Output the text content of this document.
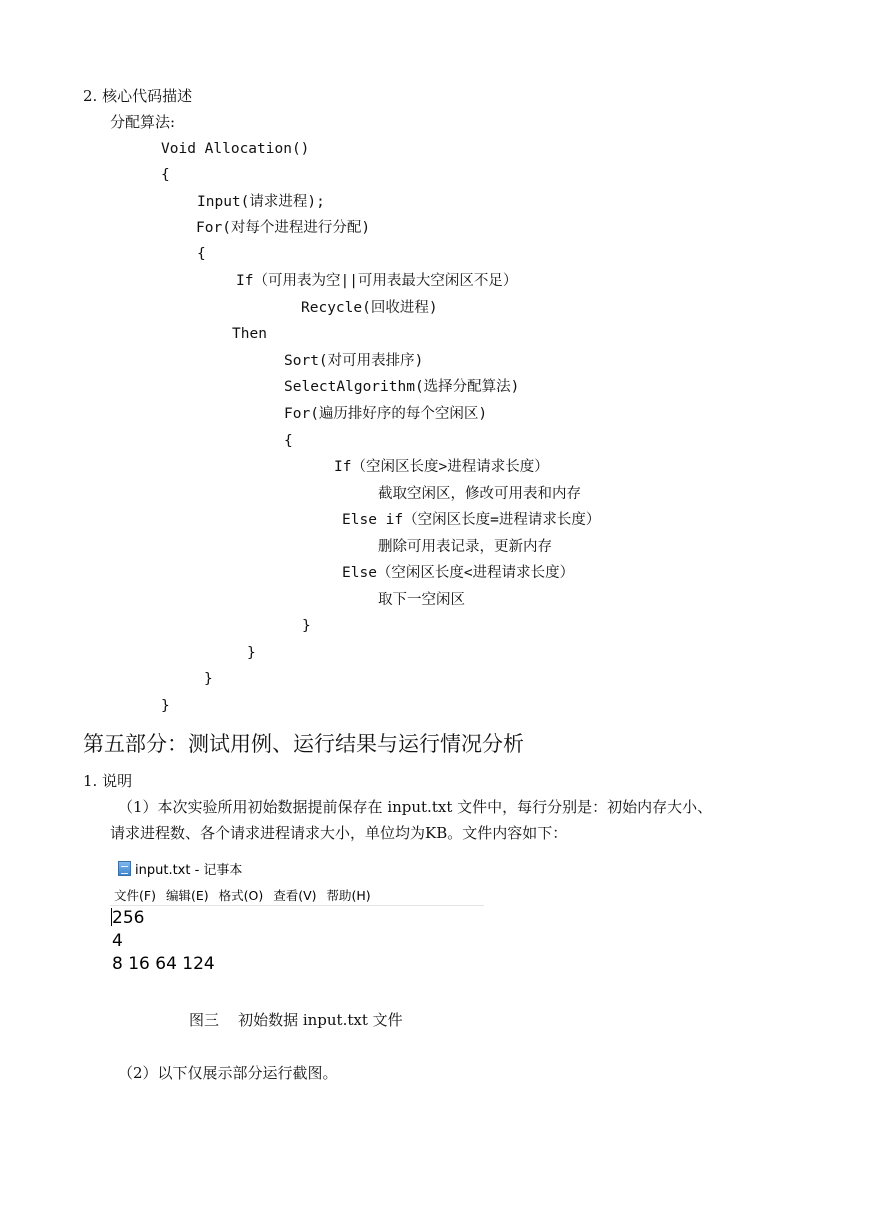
2. 核心代码描述
分配算法:
Void Allocation()
{
Input(请求进程);
For(对每个进程进行分配)
{
If（可用表为空||可用表最大空闲区不足）
Recycle(回收进程)
Then
Sort(对可用表排序)
SelectAlgorithm(选择分配算法)
For(遍历排好序的每个空闲区)
{
If（空闲区长度>进程请求长度）
截取空闲区，修改可用表和内存
Else if（空闲区长度=进程请求长度）
删除可用表记录，更新内存
Else（空闲区长度<进程请求长度）
取下一空闲区
}
}
}
}
第五部分：测试用例、运行结果与运行情况分析
1. 说明
（1）本次实验所用初始数据提前保存在 input.txt 文件中，每行分别是：初始内存大小、
请求进程数、各个请求进程请求大小，单位均为KB。文件内容如下：
input.txt - 记事本
文件(F) 编辑(E) 格式(O) 查看(V) 帮助(H)
256
4
8 16 64 124
图三    初始数据 input.txt 文件
（2）以下仅展示部分运行截图。
